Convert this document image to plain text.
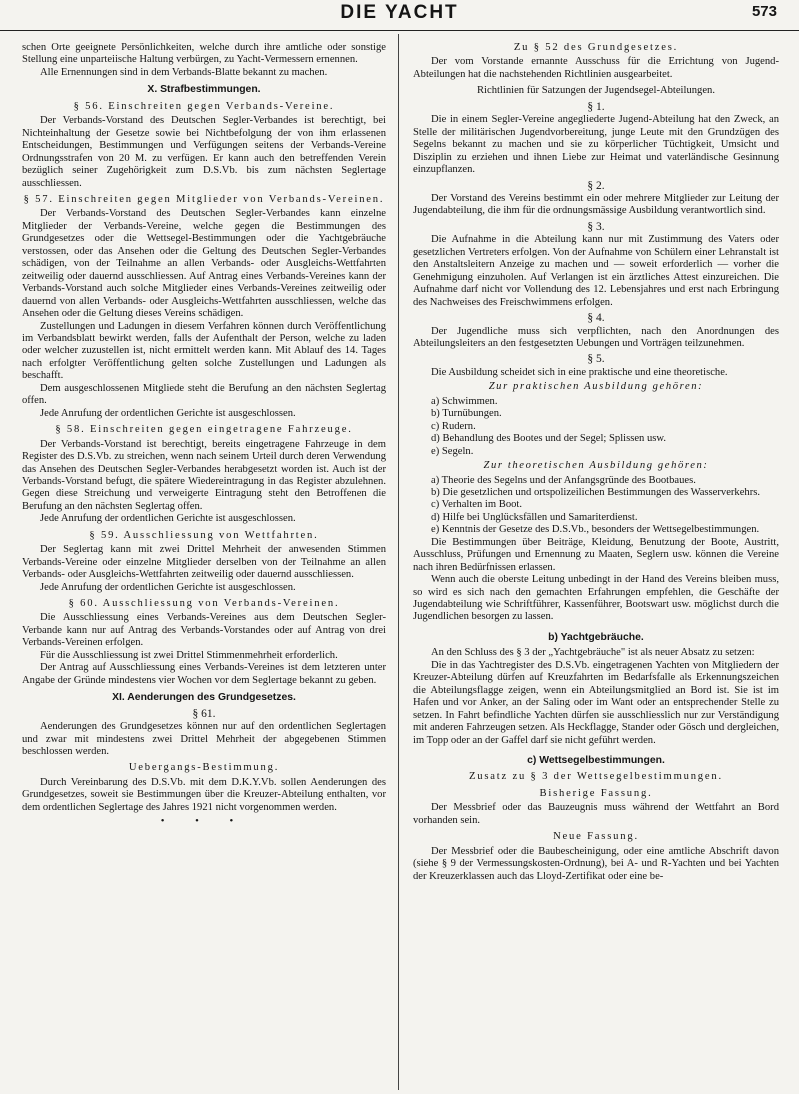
DIE YACHT	573

schen Orte geeignete Persönlichkeiten, welche durch ihre amtliche oder sonstige Stellung eine unparteiische Haltung verbürgen, zu Yacht-Vermessern ernennen.

Alle Ernennungen sind in dem Verbands-Blatte bekannt zu machen.

X. Strafbestimmungen.
§ 56. Einschreiten gegen Verbands-Vereine.

Der Verbands-Vorstand des Deutschen Segler-Verbandes ist berechtigt, bei Nichteinhaltung der Gesetze sowie bei Nichtbefolgung der von ihm erlassenen Entscheidungen, Bestimmungen und Verfügungen seitens der Verbands-Vereine Ordnungsstrafen von 20 M. zu verfügen. Er kann auch den betreffenden Verein bezüglich seiner Zugehörigkeit zum D.S.Vb. bis zum nächsten Seglertage ausschliessen.

§ 57. Einschreiten gegen Mitglieder von Verbands-Vereinen.

Der Verbands-Vorstand des Deutschen Segler-Verbandes kann einzelne Mitglieder der Verbands-Vereine, welche gegen die Bestimmungen des Grundgesetzes oder die Wettsegel-Bestimmungen oder die Yachtgebräuche verstossen, oder das Ansehen oder die Geltung des Deutschen Segler-Verbandes schädigen, von der Teilnahme an allen Verbands- oder Ausgleichs-Wettfahrten zeitweilig oder dauernd ausschliessen. Auf Antrag eines Verbands-Vereines kann der Verbands-Vorstand auch solche Mitglieder eines Verbands-Vereines zeitweilig oder dauernd von allen Verbands- oder Ausgleichs-Wettfahrten ausschliessen, welche das Ansehen oder die Geltung dieses Vereins schädigen.

Zustellungen und Ladungen in diesem Verfahren können durch Veröffentlichung im Verbandsblatt bewirkt werden, falls der Aufenthalt der Person, welche zu laden oder welcher zuzustellen ist, nicht ermittelt werden kann. Mit Ablauf des 14. Tages nach erfolgter Veröffentlichung gelten solche Zustellungen und Ladungen als beschafft.

Dem ausgeschlossenen Mitgliede steht die Berufung an den nächsten Seglertag offen.

Jede Anrufung der ordentlichen Gerichte ist ausgeschlossen.

§ 58. Einschreiten gegen eingetragene Fahrzeuge.

Der Verbands-Vorstand ist berechtigt, bereits eingetragene Fahrzeuge in dem Register des D.S.Vb. zu streichen, wenn nach seinem Urteil durch deren Verwendung das Ansehen des Deutschen Segler-Verbandes herabgesetzt worden ist. Auch ist der Verbands-Vorstand befugt, die spätere Wiedereintragung in das Register abzulehnen. Gegen diese Streichung und verweigerte Eintragung steht den Betroffenen die Berufung an den nächsten Seglertag offen.

Jede Anrufung der ordentlichen Gerichte ist ausgeschlossen.

§ 59. Ausschliessung von Wettfahrten.

Der Seglertag kann mit zwei Drittel Mehrheit der anwesenden Stimmen Verbands-Vereine oder einzelne Mitglieder derselben von der Teilnahme an allen Verbands- oder Ausgleichs-Wettfahrten zeitweilig oder dauernd ausschliessen.

Jede Anrufung der ordentlichen Gerichte ist ausgeschlossen.

§ 60. Ausschliessung von Verbands-Vereinen.

Die Ausschliessung eines Verbands-Vereines aus dem Deutschen Segler-Verbande kann nur auf Antrag des Verbands-Vorstandes oder auf Antrag von drei Verbands-Vereinen erfolgen.

Für die Ausschliessung ist zwei Drittel Stimmenmehrheit erforderlich.

Der Antrag auf Ausschliessung eines Verbands-Vereines ist dem letzteren unter Angabe der Gründe mindestens vier Wochen vor dem Seglertage bekannt zu geben.

XI. Aenderungen des Grundgesetzes.
§ 61.

Aenderungen des Grundgesetzes können nur auf den ordentlichen Seglertagen und zwar mit mindestens zwei Drittel Mehrheit der abgegebenen Stimmen beschlossen werden.

Uebergangs-Bestimmung.

Durch Vereinbarung des D.S.Vb. mit dem D.K.Y.Vb. sollen Aenderungen des Grundgesetzes, soweit sie Bestimmungen über die Kreuzer-Abteilung enthalten, vor dem ordentlichen Seglertage des Jahres 1921 nicht vorgenommen werden.

• • •
Zu § 52 des Grundgesetzes.

Der vom Vorstande ernannte Ausschuss für die Errichtung von Jugend-Abteilungen hat die nachstehenden Richtlinien ausgearbeitet.

Richtlinien für Satzungen der Jugendsegel-Abteilungen.
§ 1.

Die in einem Segler-Vereine angegliederte Jugend-Abteilung hat den Zweck, an Stelle der militärischen Jugendvorbereitung, junge Leute mit den Grundzügen des Segelns bekannt zu machen und sie zu körperlicher Tüchtigkeit, Umsicht und Disziplin zu erziehen und ihnen Liebe zur Heimat und vaterländische Gesinnung einzupflanzen.

§ 2.

Der Vorstand des Vereins bestimmt ein oder mehrere Mitglieder zur Leitung der Jugendabteilung, die ihm für die ordnungsmässige Ausbildung verantwortlich sind.

§ 3.

Die Aufnahme in die Abteilung kann nur mit Zustimmung des Vaters oder gesetzlichen Vertreters erfolgen. Von der Aufnahme von Schülern einer Lehranstalt ist den Anstaltsleitern Anzeige zu machen und — soweit erforderlich — vorher die Genehmigung einzuholen. Auf Verlangen ist ein ärztliches Attest einzureichen. Die Aufnahme darf nicht vor Vollendung des 12. Lebensjahres und erst nach Erbringung des Nachweises des Freischwimmens erfolgen.

§ 4.

Der Jugendliche muss sich verpflichten, nach den Anordnungen des Abteilungsleiters an den festgesetzten Uebungen und Vorträgen teilzunehmen.

§ 5.

Die Ausbildung scheidet sich in eine praktische und eine theoretische.

Zur praktischen Ausbildung gehören:
a) Schwimmen.
b) Turnübungen.
c) Rudern.
d) Behandlung des Bootes und der Segel; Splissen usw.
e) Segeln.
Zur theoretischen Ausbildung gehören:
a) Theorie des Segelns und der Anfangsgründe des Bootbaues.
b) Die gesetzlichen und ortspolizeilichen Bestimmungen des Wasserverkehrs.
c) Verhalten im Boot.
d) Hilfe bei Unglücksfällen und Samariterdienst.
e) Kenntnis der Gesetze des D.S.Vb., besonders der Wettsegelbestimmungen.

Die Bestimmungen über Beiträge, Kleidung, Benutzung der Boote, Austritt, Ausschluss, Prüfungen und Ernennung zu Maaten, Seglern usw. können die Vereine nach ihren Bedürfnissen erlassen.

Wenn auch die oberste Leitung unbedingt in der Hand des Vereins bleiben muss, so wird es sich nach den gemachten Erfahrungen empfehlen, die Geschäfte der Jugendabteilung wie Schriftführer, Kassenführer, Bootswart usw. möglichst durch die Jugendlichen besorgen zu lassen.

b) Yachtgebräuche.

An den Schluss des § 3 der „Yachtgebräuche" ist als neuer Absatz zu setzen:

Die in das Yachtregister des D.S.Vb. eingetragenen Yachten von Mitgliedern der Kreuzer-Abteilung dürfen auf Kreuzfahrten im Bedarfsfalle als Erkennungszeichen die Abteilungsflagge zeigen, wenn ein Abteilungsmitglied an Bord ist. Sie ist im Hafen und vor Anker, an der Saling oder im Want oder an entsprechender Stelle zu setzen. In Fahrt befindliche Yachten dürfen sie ausschliesslich nur zur Verständigung mit anderen Fahrzeugen setzen. Als Heckflagge, Stander oder Gösch und dergleichen, im Topp oder an der Gaffel darf sie nicht geführt werden.

c) Wettsegelbestimmungen.
Zusatz zu § 3 der Wettsegelbestimmungen.
Bisherige Fassung.

Der Messbrief oder das Bauzeugnis muss während der Wettfahrt an Bord vorhanden sein.

Neue Fassung.

Der Messbrief oder die Baubescheinigung, oder eine amtliche Abschrift davon (siehe § 9 der Vermessungskosten-Ordnung), bei A- und R-Yachten und bei Yachten der Kreuzerklassen auch das Lloyd-Zertifikat oder eine be-
